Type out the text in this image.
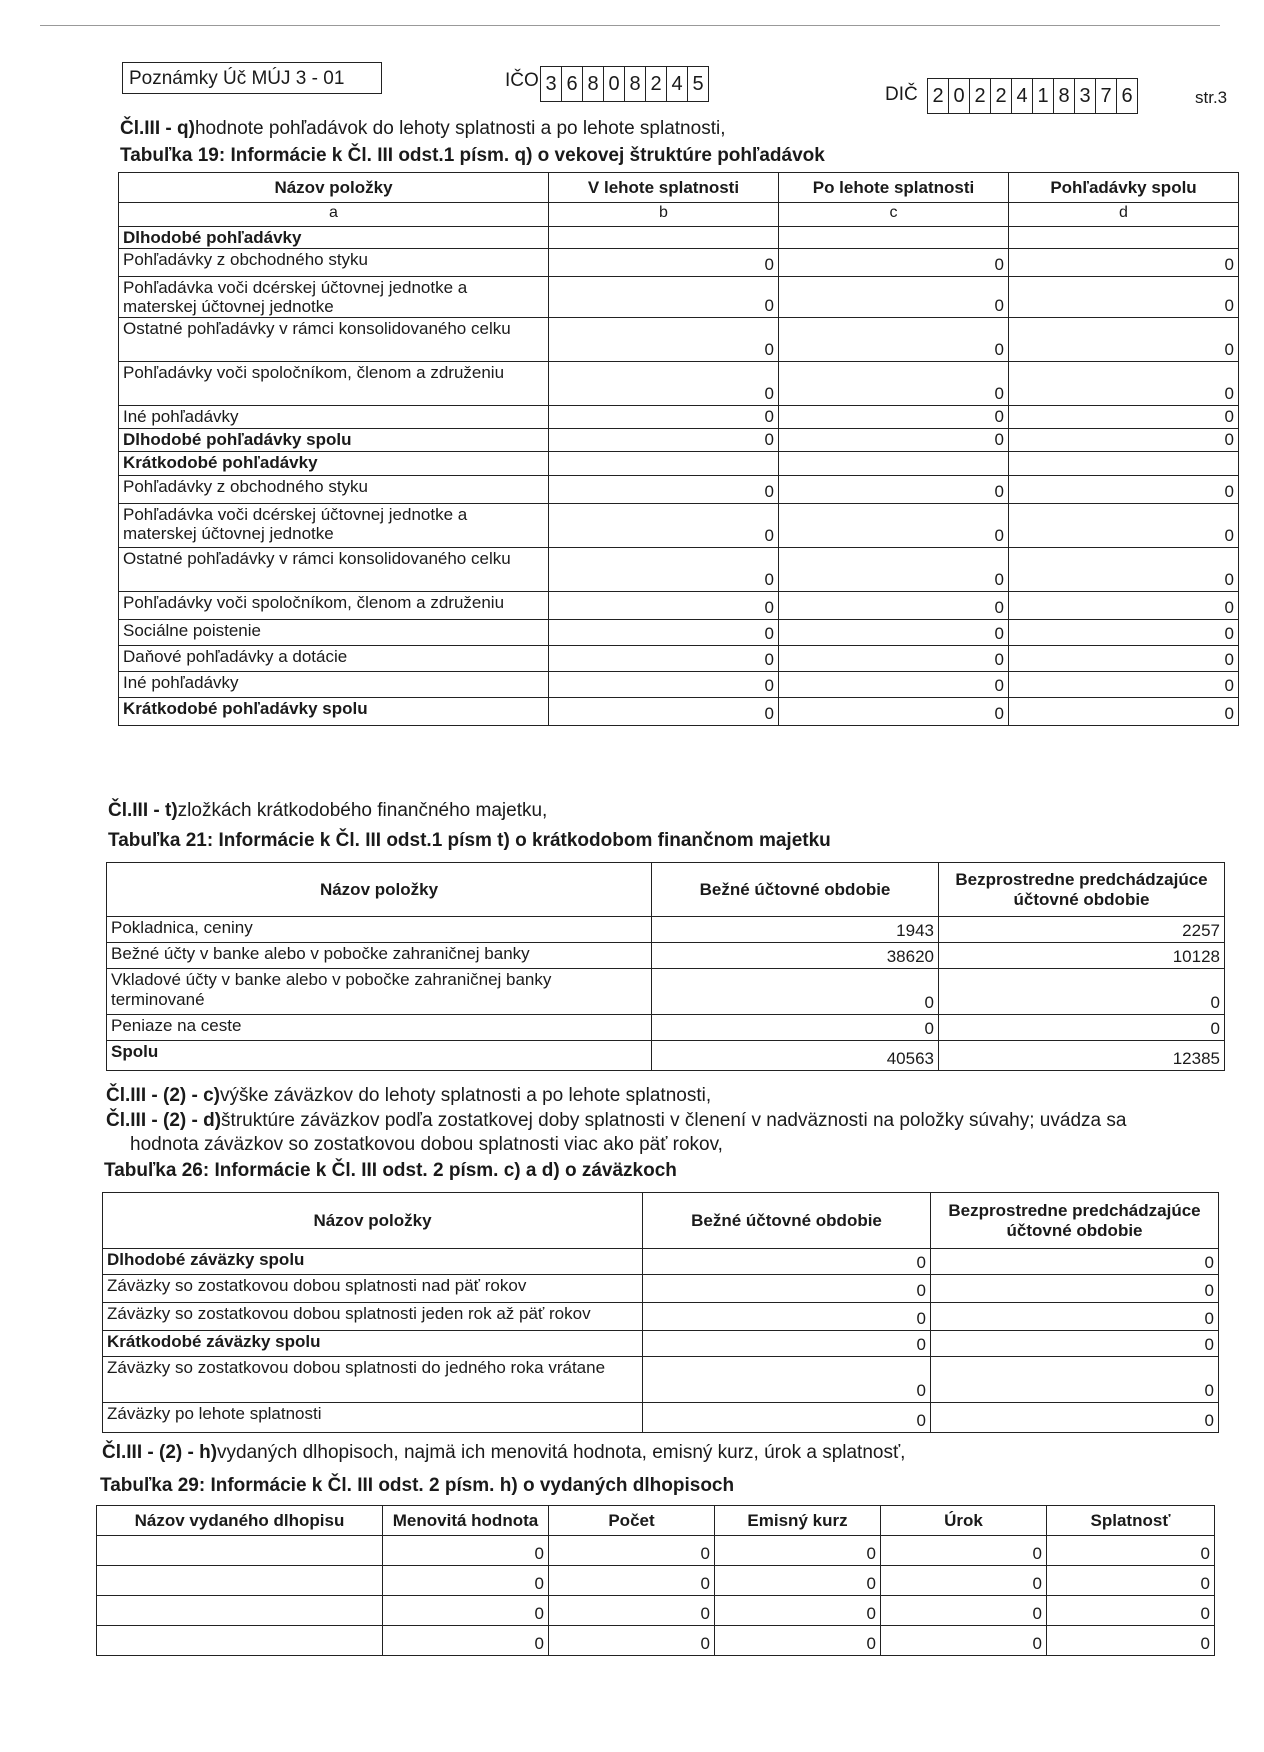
Poznámky Úč MÚJ 3 - 01	IČO 3 6 8 0 8 2 4 5	DIČ 2 0 2 2 4 1 8 3 7 6	str.3
Čl.III - q)hodnote pohľadávok do lehoty splatnosti a po lehote splatnosti,
Tabuľka 19: Informácie k Čl. III odst.1 písm. q) o vekovej štruktúre pohľadávok
Názov položky	V lehote splatnosti	Po lehote splatnosti	Pohľadávky spolu
a	b	c	d
Dlhodobé pohľadávky			
Pohľadávky z obchodného styku	0	0	0
Pohľadávka voči dcérskej účtovnej jednotke a materskej účtovnej jednotke	0	0	0
Ostatné pohľadávky v rámci konsolidovaného celku	0	0	0
Pohľadávky voči spoločníkom, členom a združeniu	0	0	0
Iné pohľadávky	0	0	0
Dlhodobé pohľadávky spolu	0	0	0
Krátkodobé pohľadávky			
Pohľadávky z obchodného styku	0	0	0
Pohľadávka voči dcérskej účtovnej jednotke a materskej účtovnej jednotke	0	0	0
Ostatné pohľadávky v rámci konsolidovaného celku	0	0	0
Pohľadávky voči spoločníkom, členom a združeniu	0	0	0
Sociálne poistenie	0	0	0
Daňové pohľadávky a dotácie	0	0	0
Iné pohľadávky	0	0	0
Krátkodobé pohľadávky spolu	0	0	0
Čl.III - t)zložkách krátkodobého finančného majetku,
Tabuľka 21: Informácie k Čl. III odst.1 písm t) o krátkodobom finančnom majetku
Názov položky	Bežné účtovné obdobie	Bezprostredne predchádzajúce účtovné obdobie
Pokladnica, ceniny	1943	2257
Bežné účty v banke alebo v pobočke zahraničnej banky	38620	10128
Vkladové účty v banke alebo v pobočke zahraničnej banky terminované	0	0
Peniaze na ceste	0	0
Spolu	40563	12385
Čl.III - (2) - c)výške záväzkov do lehoty splatnosti a po lehote splatnosti,
Čl.III - (2) - d)štruktúre záväzkov podľa zostatkovej doby splatnosti v členení v nadväznosti na položky súvahy; uvádza sa
hodnota záväzkov so zostatkovou dobou splatnosti viac ako päť rokov,
Tabuľka 26: Informácie k Čl. III odst. 2 písm. c) a d) o záväzkoch
Názov položky	Bežné účtovné obdobie	Bezprostredne predchádzajúce účtovné obdobie
Dlhodobé záväzky spolu	0	0
Záväzky so zostatkovou dobou splatnosti nad päť rokov	0	0
Záväzky so zostatkovou dobou splatnosti jeden rok až päť rokov	0	0
Krátkodobé záväzky spolu	0	0
Záväzky so zostatkovou dobou splatnosti do jedného roka vrátane	0	0
Záväzky po lehote splatnosti	0	0
Čl.III - (2) - h)vydaných dlhopisoch, najmä ich menovitá hodnota, emisný kurz, úrok a splatnosť,
Tabuľka 29: Informácie k Čl. III odst. 2 písm. h) o vydaných dlhopisoch
Názov vydaného dlhopisu	Menovitá hodnota	Počet	Emisný kurz	Úrok	Splatnosť
	0	0	0	0	0
	0	0	0	0	0
	0	0	0	0	0
	0	0	0	0	0
